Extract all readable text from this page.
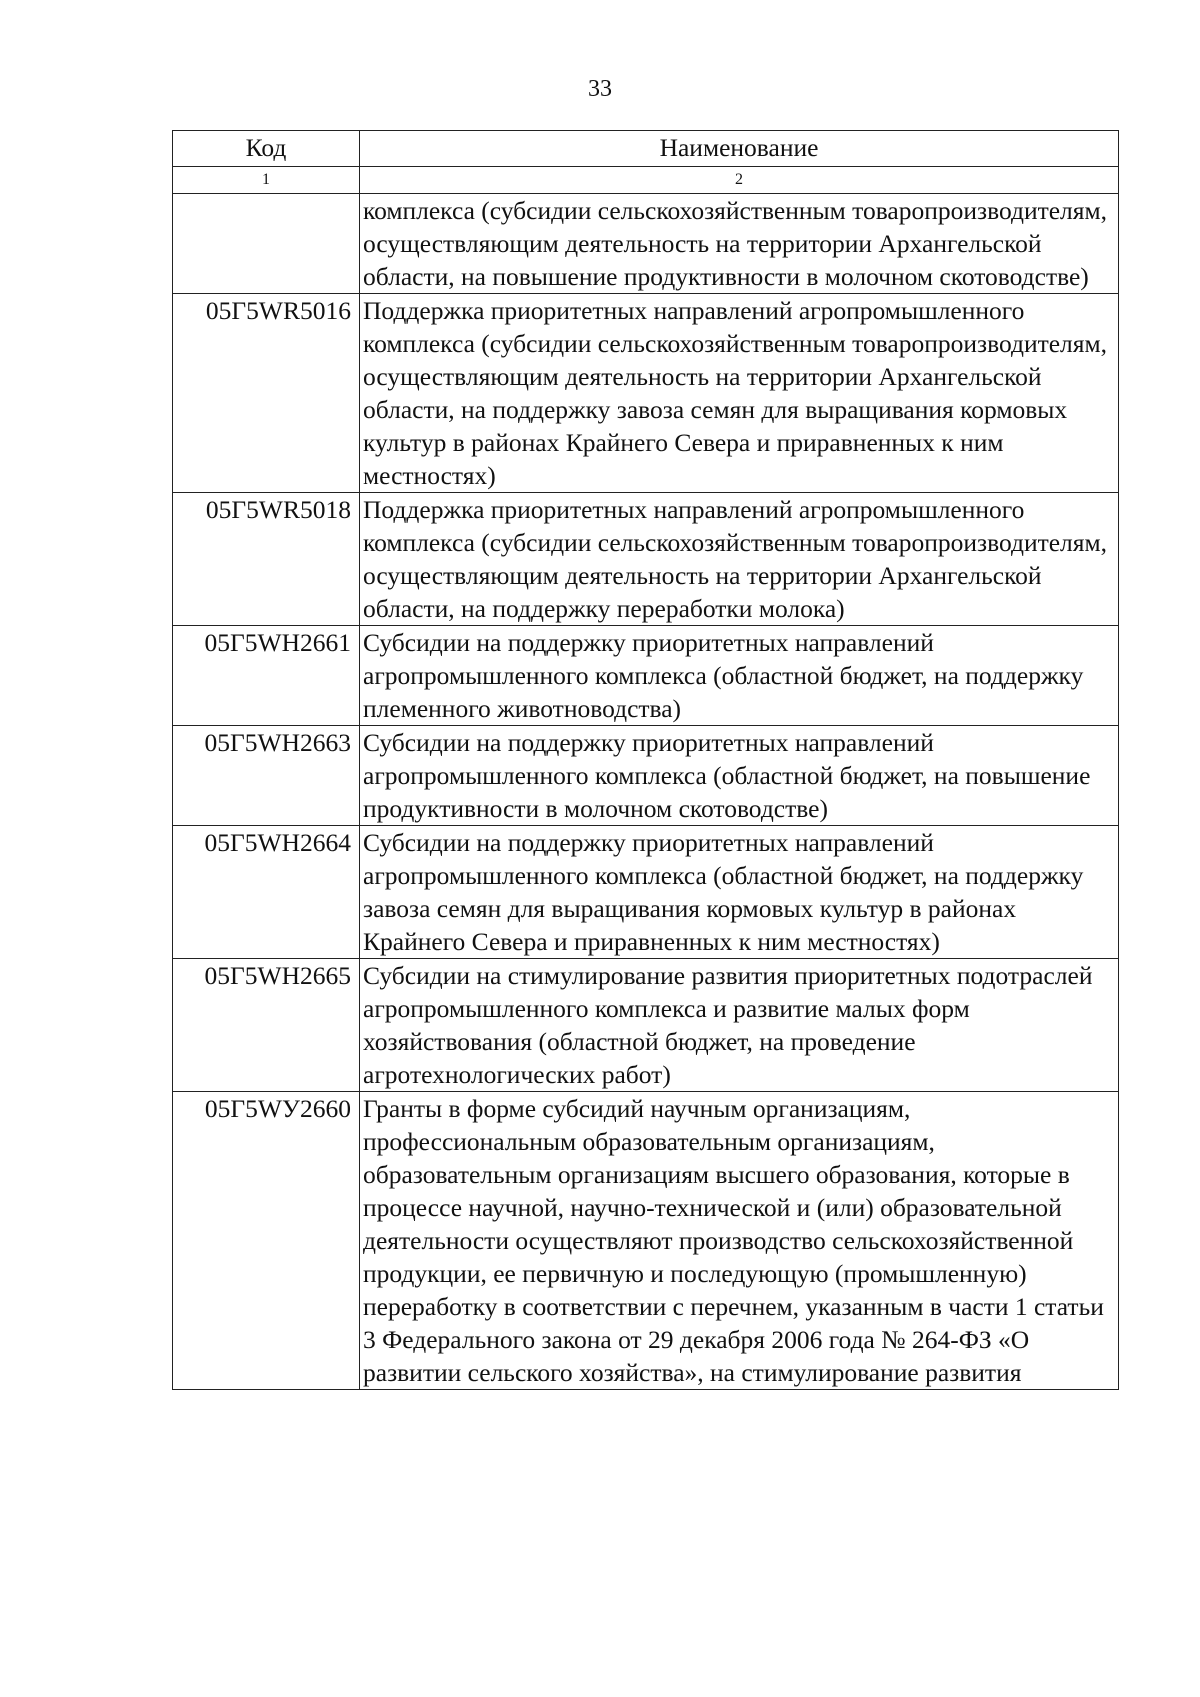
33
Код	Наименование
1	2
	комплекса (субсидии сельскохозяйственным товаропроизводителям, осуществляющим деятельность на территории Архангельской области, на повышение продуктивности в молочном скотоводстве)
05Г5WR5016	Поддержка приоритетных направлений агропромышленного комплекса (субсидии сельскохозяйственным товаропроизводителям, осуществляющим деятельность на территории Архангельской области, на поддержку завоза семян для выращивания кормовых культур в районах Крайнего Севера и приравненных к ним местностях)
05Г5WR5018	Поддержка приоритетных направлений агропромышленного комплекса (субсидии сельскохозяйственным товаропроизводителям, осуществляющим деятельность на территории Архангельской области, на поддержку переработки молока)
05Г5WH2661	Субсидии на поддержку приоритетных направлений агропромышленного комплекса (областной бюджет, на поддержку племенного животноводства)
05Г5WH2663	Субсидии на поддержку приоритетных направлений агропромышленного комплекса (областной бюджет, на повышение продуктивности в молочном скотоводстве)
05Г5WH2664	Субсидии на поддержку приоритетных направлений агропромышленного комплекса (областной бюджет, на поддержку завоза семян для выращивания кормовых культур в районах Крайнего Севера и приравненных к ним местностях)
05Г5WH2665	Субсидии на стимулирование развития приоритетных подотраслей агропромышленного комплекса и развитие малых форм хозяйствования (областной бюджет, на проведение агротехнологических работ)
05Г5WУ2660	Гранты в форме субсидий научным организациям, профессиональным образовательным организациям, образовательным организациям высшего образования, которые в процессе научной, научно-технической и (или) образовательной деятельности осуществляют производство сельскохозяйственной продукции, ее первичную и последующую (промышленную) переработку в соответствии с перечнем, указанным в части 1 статьи 3 Федерального закона от 29 декабря 2006 года № 264-ФЗ «О развитии сельского хозяйства», на стимулирование развития
